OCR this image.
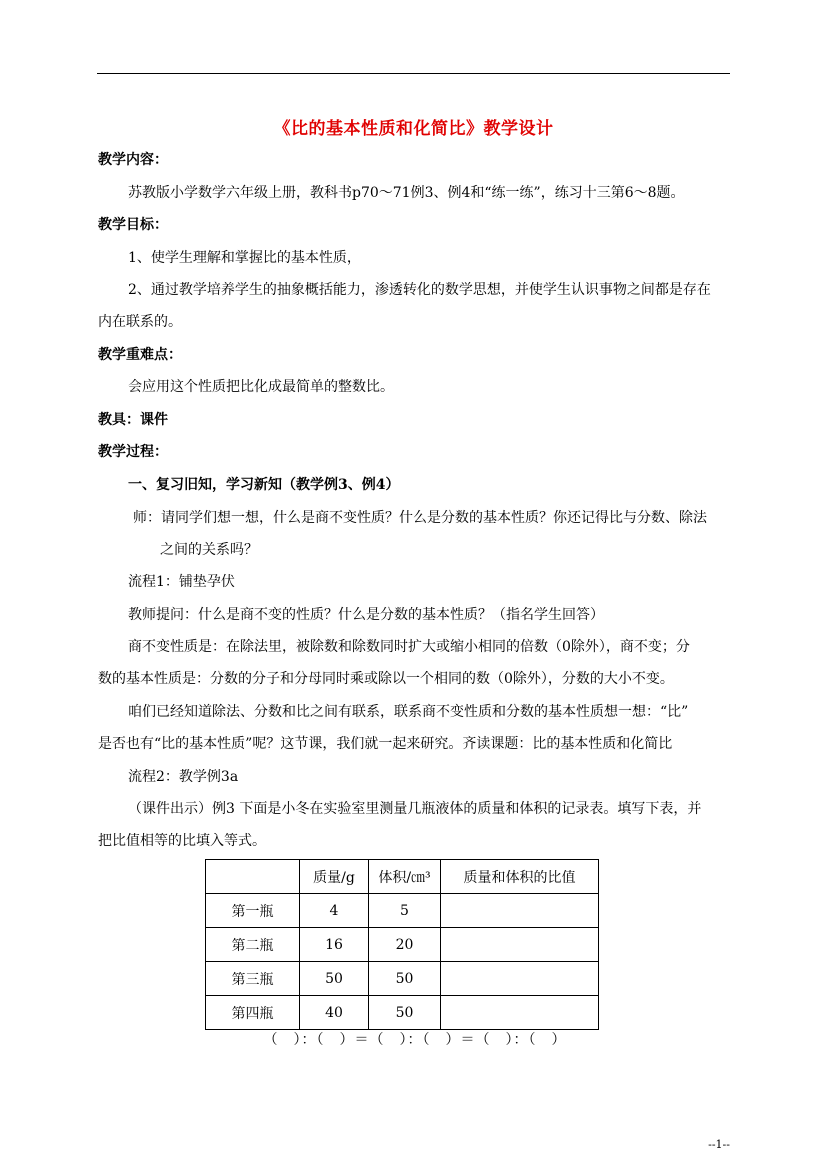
《比的基本性质和化简比》教学设计
教学内容：
苏教版小学数学六年级上册，教科书p70～71例3、例4和“练一练”，练习十三第6～8题。
教学目标：
1、使学生理解和掌握比的基本性质，
2、通过教学培养学生的抽象概括能力，渗透转化的数学思想，并使学生认识事物之间都是存在
内在联系的。
教学重难点：
会应用这个性质把比化成最简单的整数比。
教具：课件
教学过程：
一、复习旧知，学习新知（教学例3、例4）
师：请同学们想一想，什么是商不变性质？什么是分数的基本性质？你还记得比与分数、除法
之间的关系吗？
流程1：铺垫孕伏
教师提问：什么是商不变的性质？什么是分数的基本性质？（指名学生回答）
商不变性质是：在除法里，被除数和除数同时扩大或缩小相同的倍数（0除外），商不变；分
数的基本性质是：分数的分子和分母同时乘或除以一个相同的数（0除外），分数的大小不变。
咱们已经知道除法、分数和比之间有联系，联系商不变性质和分数的基本性质想一想：“比”
是否也有“比的基本性质”呢？这节课，我们就一起来研究。齐读课题：比的基本性质和化简比
流程2：教学例3a
（课件出示）例3 下面是小冬在实验室里测量几瓶液体的质量和体积的记录表。填写下表，并
把比值相等的比填入等式。
	质量/g	体积/㎝³	质量和体积的比值
第一瓶	4	5	
第二瓶	16	20	
第三瓶	50	50	
第四瓶	40	50	
（　）：（　）＝（　）：（　）＝（　）：（　）
--1--
